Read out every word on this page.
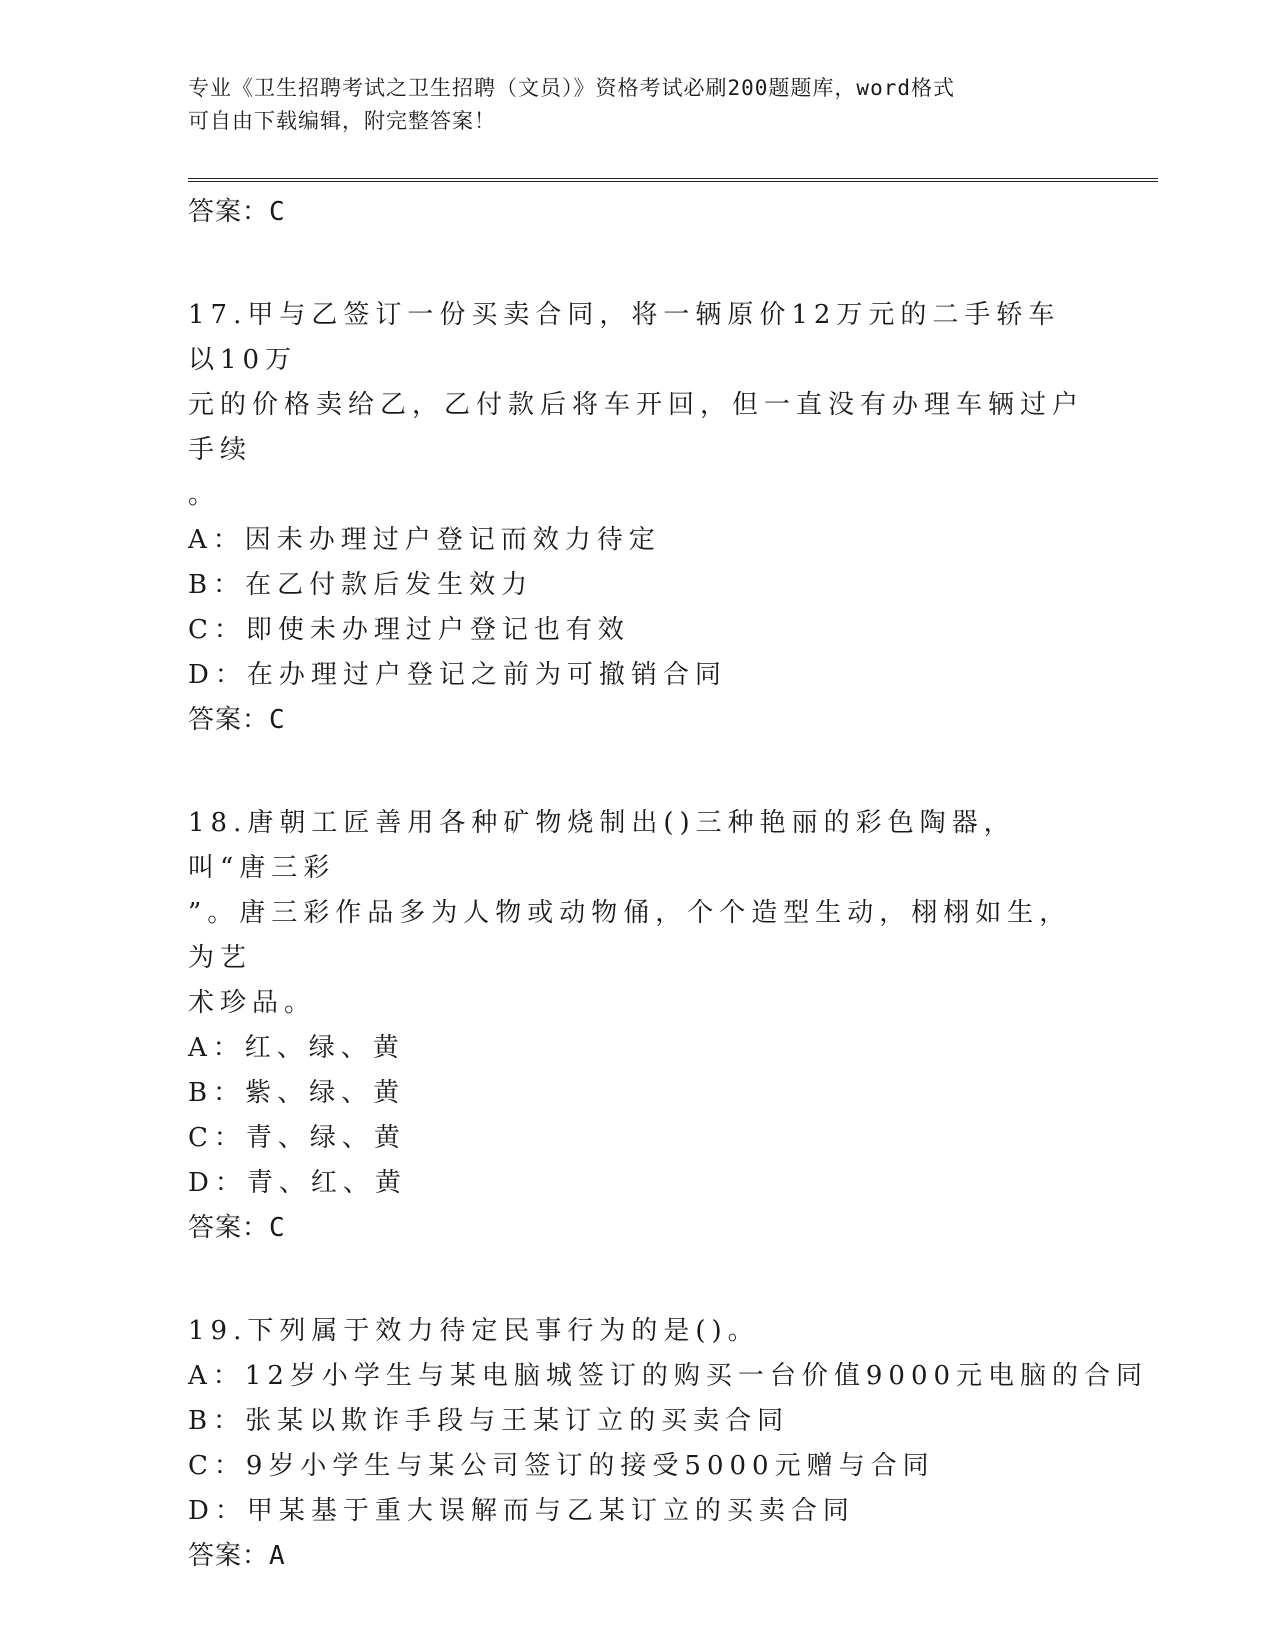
专业《卫生招聘考试之卫生招聘（文员）》资格考试必刷200题题库，word格式
可自由下载编辑，附完整答案！
答案：C
17.甲与乙签订一份买卖合同，将一辆原价12万元的二手轿车以10万
元的价格卖给乙，乙付款后将车开回，但一直没有办理车辆过户手续
。
A：因未办理过户登记而效力待定
B：在乙付款后发生效力
C：即使未办理过户登记也有效
D：在办理过户登记之前为可撤销合同
答案：C
18.唐朝工匠善用各种矿物烧制出()三种艳丽的彩色陶器，叫“唐三彩
”。唐三彩作品多为人物或动物俑，个个造型生动，栩栩如生，为艺
术珍品。
A：红、绿、黄
B：紫、绿、黄
C：青、绿、黄
D：青、红、黄
答案：C
19.下列属于效力待定民事行为的是()。
A：12岁小学生与某电脑城签订的购买一台价值9000元电脑的合同
B：张某以欺诈手段与王某订立的买卖合同
C：9岁小学生与某公司签订的接受5000元赠与合同
D：甲某基于重大误解而与乙某订立的买卖合同
答案：A
